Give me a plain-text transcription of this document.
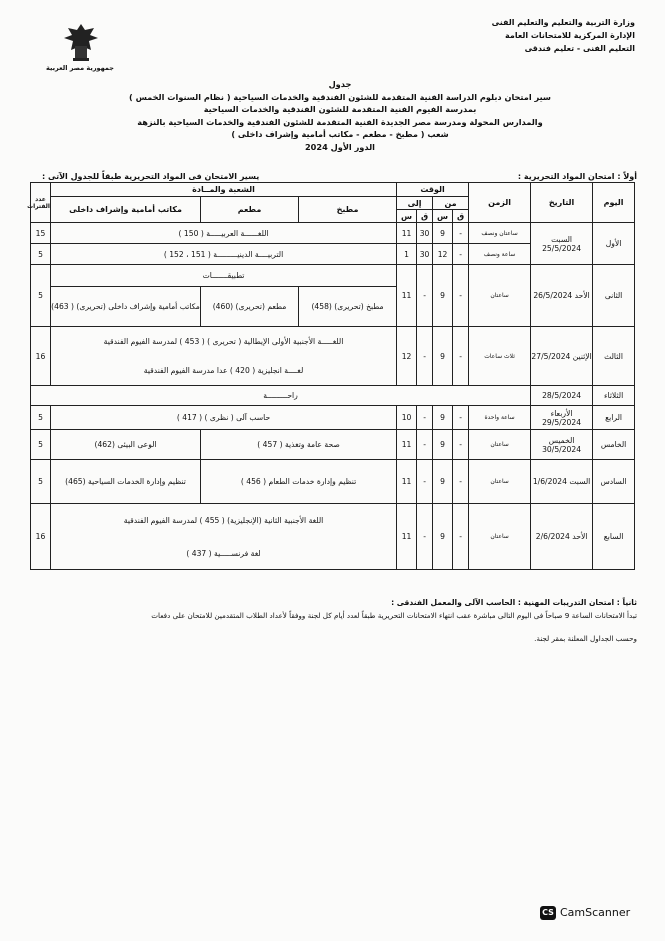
وزارة التربية والتعليم والتعليم الفنى
الإدارة المركزية للامتحانات العامة
التعليم الفنى - تعليم فندقى
جمهورية مصر العربية
جدول
سير امتحان دبلوم الدراسة الفنية المتقدمة للشئون الفندقية والخدمات السياحية ( نظام السنوات الخمس )
بمدرسة الفيوم الفنية المتقدمة للشئون الفندقية والخدمات السياحية
والمدارس المحولة ومدرسة مصر الجديدة الفنية المتقدمة للشئون الفندقية والخدمات السياحية بالنزهة
شعب ( مطبخ - مطعم - مكاتب أمامية وإشراف داخلى )
الدور الأول 2024
أولاً : امتحان المواد التحريرية :
يسير الامتحان فى المواد التحريرية طبقاً للجدول الآتى :
اليوم	التاريخ	الزمن	الوقت				الشعبة والمــادة			عدد الفترات
			من		إلى		مطبخ	مطعم	مكاتب أمامية وإشراف داخلى	
			ق	س	ق	س				
الأول	السبت 25/5/2024	ساعتان ونصف	-	9	30	11	اللغــــــة العربيـــــة ( 150 )			15
		ساعة ونصف	-	12	30	1	التربيــــة الدينيـــــــــة ( 151 ، 152 )			5
الثانى	الأحد 26/5/2024	ساعتان	-	9	-	11	تطبيقـــــــات			5
							مطبخ (تحريرى) (458)	مطعم (تحريرى) (460)	مكاتب أمامية وإشراف داخلى (تحريرى) ( 463)	
الثالث	الإثنين 27/5/2024	ثلاث ساعات	-	9	-	12	اللغـــــة الأجنبية الأولى الإيطالية ( تحريرى ) ( 453 ) لمدرسة الفيوم الفندقية			16
							لغــــة انجليزية ( 420 ) عدا مدرسة الفيوم الفندقية			
الثلاثاء	28/5/2024	راحـــــــــة								
الرابع	الأربعاء 29/5/2024	ساعة واحدة	-	9	-	10	حاسب آلى ( نظرى ) ( 417 )			5
الخامس	الخميس 30/5/2024	ساعتان	-	9	-	11	صحة عامة وتغذية ( 457 )		الوعى البيئى (462)	5
السادس	السبت 1/6/2024	ساعتان	-	9	-	11	تنظيم وإدارة خدمات الطعام ( 456 )		تنظيم وإدارة الخدمات السياحية (465)	5
السابع	الأحد 2/6/2024	ساعتان	-	9	-	11	اللغة الأجنبية الثانية (الإنجليزية) ( 455 ) لمدرسة الفيوم الفندقية			16
							لغة فرنســـــية ( 437 )			
ثانياً : امتحان التدريبات المهنية : الحاسب الآلى والمعمل الفندقى :
تبدأ الامتحانات الساعة 9 صباحاً فى اليوم التالى مباشرة عقب انتهاء الامتحانات التحريرية طبقاً لعدد أيام كل لجنة ووفقاً لأعداد الطلاب المتقدمين للامتحان على دفعات
وحسب الجداول المعلنة بمقر لجنة.
CS CamScanner
